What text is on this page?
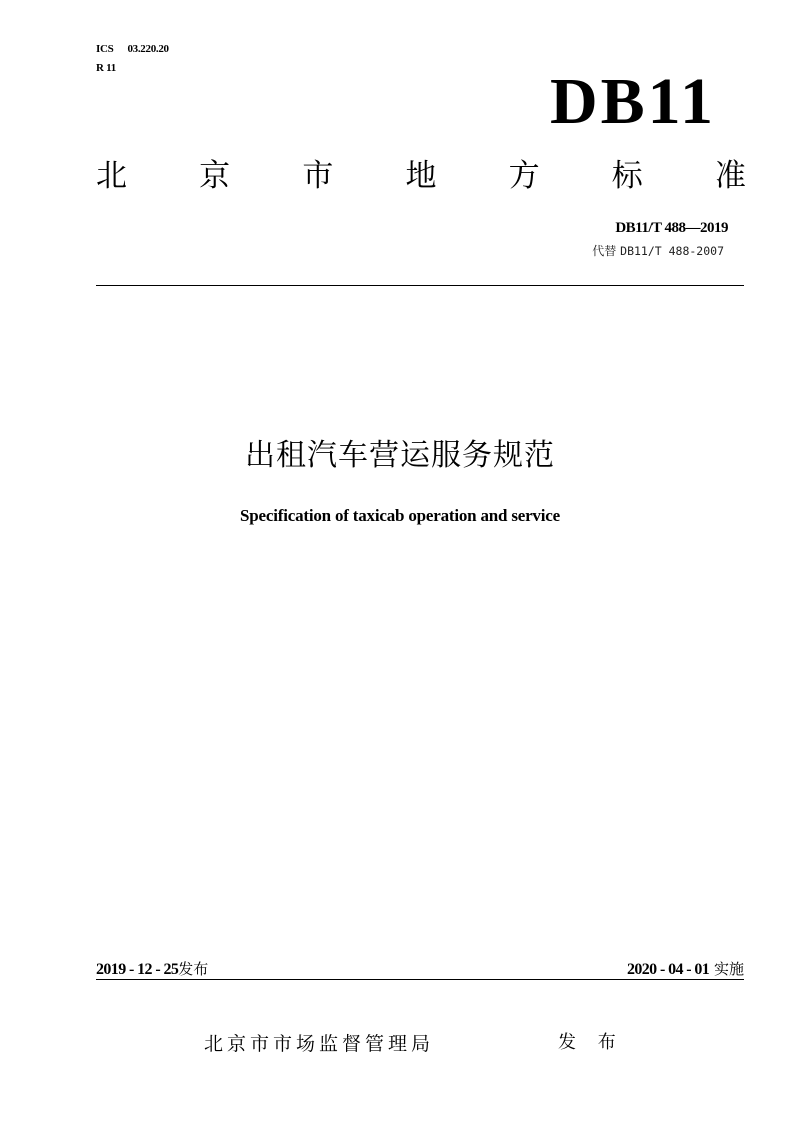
ICS 03.220.20
R 11	DB11
北 京 市 地 方 标 准
DB11/T 488—2019
代替 DB11/T 488-2007
出租汽车营运服务规范
Specification of taxicab operation and service
2019 - 12 - 25发布	2020 - 04 - 01 实施
北京市市场监督管理局	发 布
